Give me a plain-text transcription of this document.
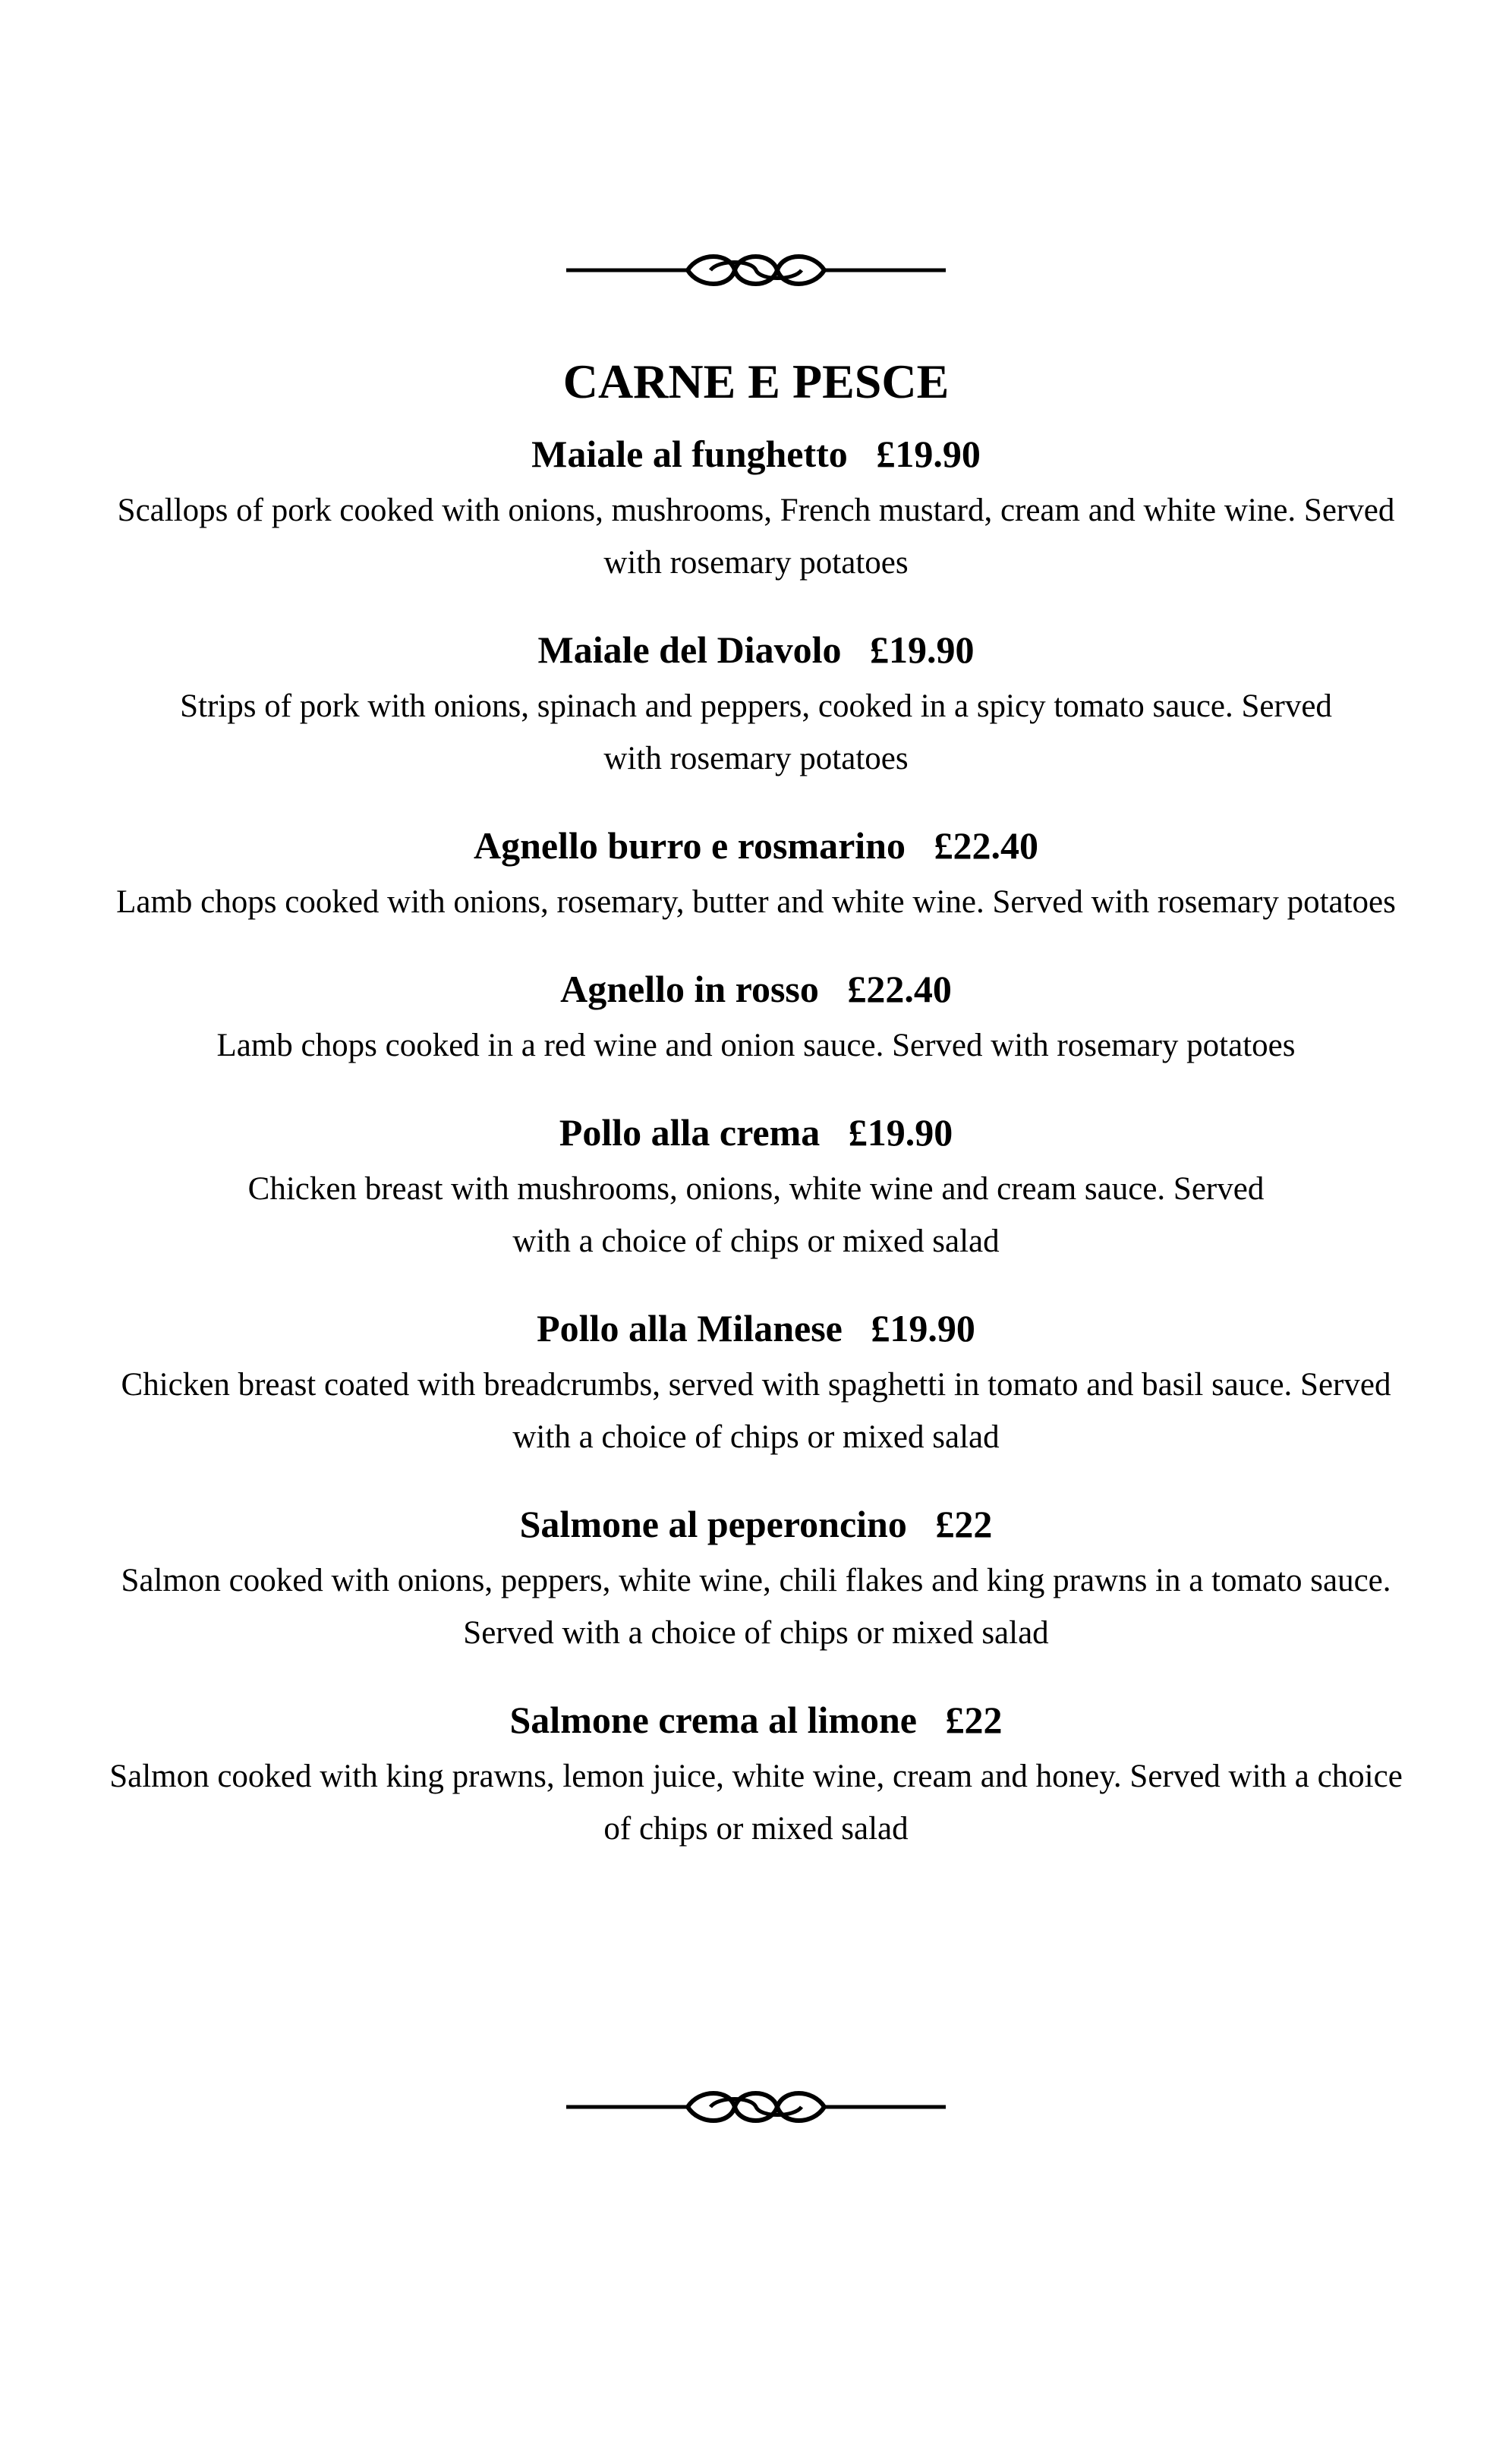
CARNE E PESCE
Maiale al funghetto £19.90

Scallops of pork cooked with onions, mushrooms, French mustard, cream and white wine. Served
with rosemary potatoes

Maiale del Diavolo £19.90

Strips of pork with onions, spinach and peppers, cooked in a spicy tomato sauce. Served
with rosemary potatoes

Agnello burro e rosmarino £22.40

Lamb chops cooked with onions, rosemary, butter and white wine. Served with rosemary potatoes

Agnello in rosso £22.40

Lamb chops cooked in a red wine and onion sauce. Served with rosemary potatoes

Pollo alla crema £19.90

Chicken breast with mushrooms, onions, white wine and cream sauce. Served
with a choice of chips or mixed salad

Pollo alla Milanese £19.90

Chicken breast coated with breadcrumbs, served with spaghetti in tomato and basil sauce. Served
with a choice of chips or mixed salad

Salmone al peperoncino £22

Salmon cooked with onions, peppers, white wine, chili flakes and king prawns in a tomato sauce.
Served with a choice of chips or mixed salad

Salmone crema al limone £22

Salmon cooked with king prawns, lemon juice, white wine, cream and honey. Served with a choice
of chips or mixed salad
